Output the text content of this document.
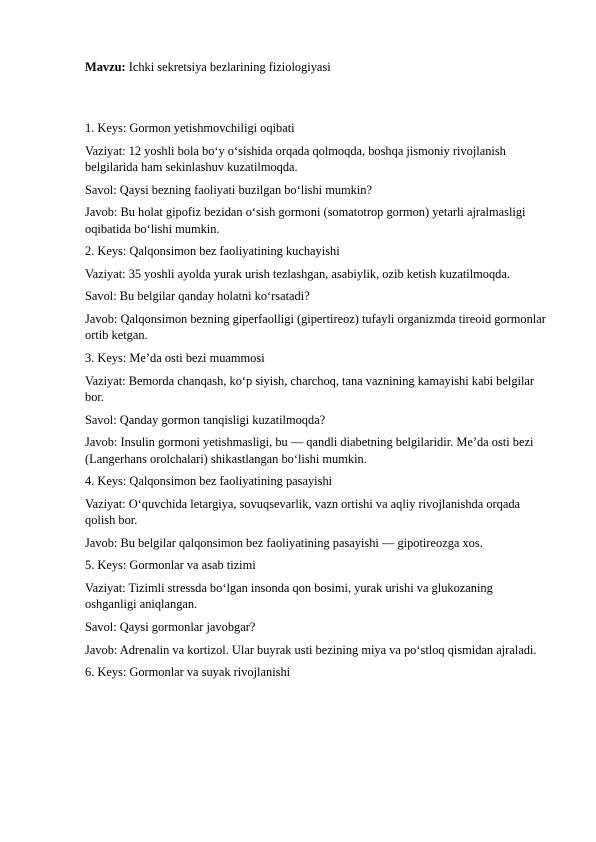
Mavzu: Ichki sekretsiya bezlarining fiziologiyasi

1. Keys: Gormon yetishmovchiligi oqibati

Vaziyat: 12 yoshli bola bo‘y o‘sishida orqada qolmoqda, boshqa jismoniy rivojlanish belgilarida ham sekinlashuv kuzatilmoqda.

Savol: Qaysi bezning faoliyati buzilgan bo‘lishi mumkin?

Javob: Bu holat gipofiz bezidan o‘sish gormoni (somatotrop gormon) yetarli ajralmasligi oqibatida bo‘lishi mumkin.

2. Keys: Qalqonsimon bez faoliyatining kuchayishi

Vaziyat: 35 yoshli ayolda yurak urish tezlashgan, asabiylik, ozib ketish kuzatilmoqda.

Savol: Bu belgilar qanday holatni ko‘rsatadi?

Javob: Qalqonsimon bezning giperfaolligi (gipertireoz) tufayli organizmda tireoid gormonlar ortib ketgan.

3. Keys: Me’da osti bezi muammosi

Vaziyat: Bemorda chanqash, ko‘p siyish, charchoq, tana vaznining kamayishi kabi belgilar bor.

Savol: Qanday gormon tanqisligi kuzatilmoqda?

Javob: Insulin gormoni yetishmasligi, bu — qandli diabetning belgilaridir. Me’da osti bezi (Langerhans orolchalari) shikastlangan bo‘lishi mumkin.

4. Keys: Qalqonsimon bez faoliyatining pasayishi

Vaziyat: O‘quvchida letargiya, sovuqsevarlik, vazn ortishi va aqliy rivojlanishda orqada qolish bor.

Javob: Bu belgilar qalqonsimon bez faoliyatining pasayishi — gipotireozga xos.

5. Keys: Gormonlar va asab tizimi

Vaziyat: Tizimli stressda bo‘lgan insonda qon bosimi, yurak urishi va glukozaning oshganligi aniqlangan.

Savol: Qaysi gormonlar javobgar?

Javob: Adrenalin va kortizol. Ular buyrak usti bezining miya va po‘stloq qismidan ajraladi.

6. Keys: Gormonlar va suyak rivojlanishi
